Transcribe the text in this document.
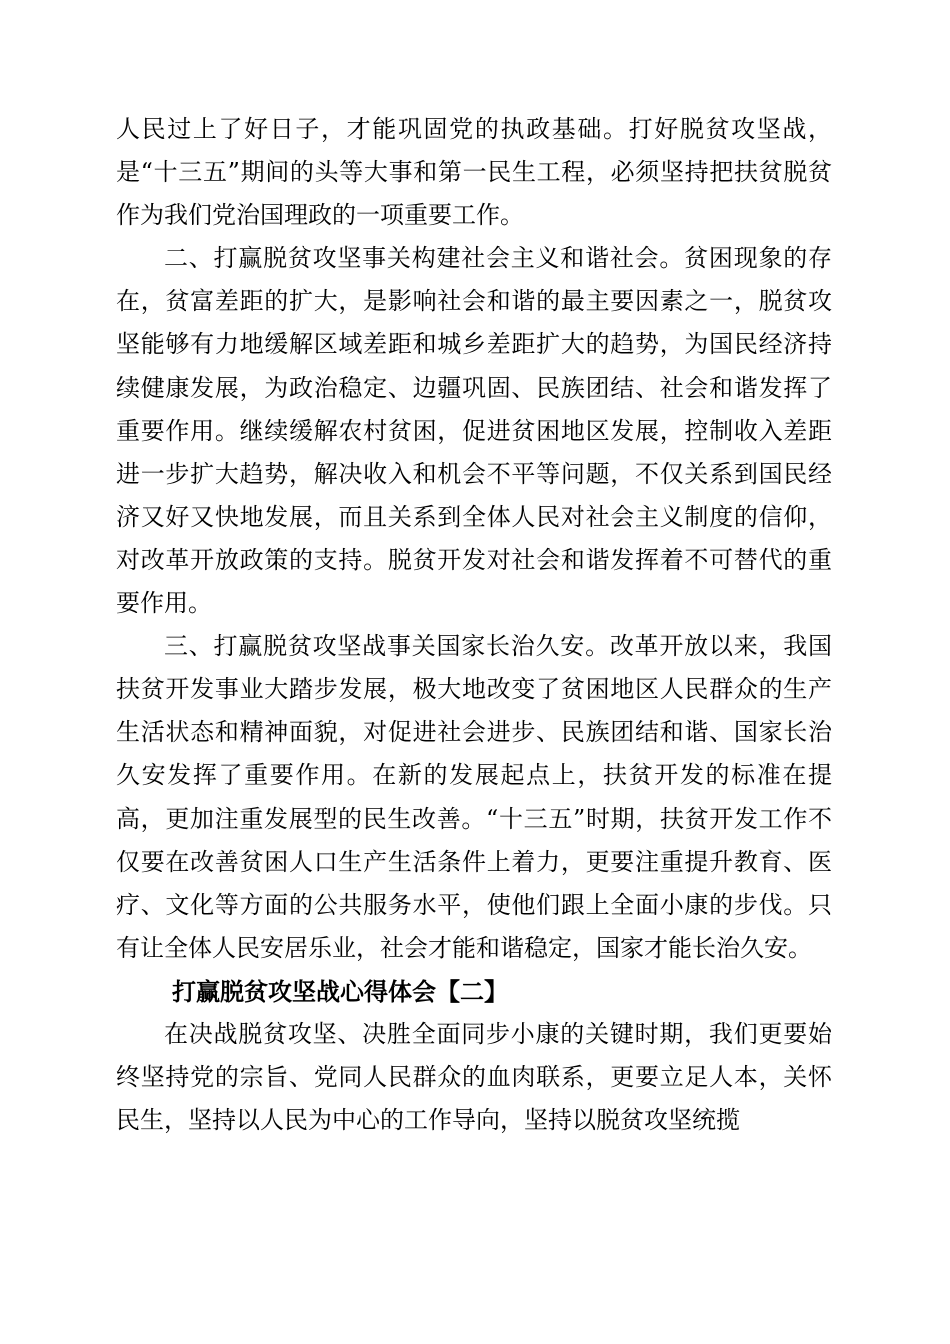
人民过上了好日子，才能巩固党的执政基础。打好脱贫攻坚战，是“十三五”期间的头等大事和第一民生工程，必须坚持把扶贫脱贫作为我们党治国理政的一项重要工作。

二、打赢脱贫攻坚事关构建社会主义和谐社会。贫困现象的存在，贫富差距的扩大，是影响社会和谐的最主要因素之一，脱贫攻坚能够有力地缓解区域差距和城乡差距扩大的趋势，为国民经济持续健康发展，为政治稳定、边疆巩固、民族团结、社会和谐发挥了重要作用。继续缓解农村贫困，促进贫困地区发展，控制收入差距进一步扩大趋势，解决收入和机会不平等问题，不仅关系到国民经济又好又快地发展，而且关系到全体人民对社会主义制度的信仰，对改革开放政策的支持。脱贫开发对社会和谐发挥着不可替代的重要作用。

三、打赢脱贫攻坚战事关国家长治久安。改革开放以来，我国扶贫开发事业大踏步发展，极大地改变了贫困地区人民群众的生产生活状态和精神面貌，对促进社会进步、民族团结和谐、国家长治久安发挥了重要作用。在新的发展起点上，扶贫开发的标准在提高，更加注重发展型的民生改善。“十三五”时期，扶贫开发工作不仅要在改善贫困人口生产生活条件上着力，更要注重提升教育、医疗、文化等方面的公共服务水平，使他们跟上全面小康的步伐。只有让全体人民安居乐业，社会才能和谐稳定，国家才能长治久安。

打赢脱贫攻坚战心得体会【二】

在决战脱贫攻坚、决胜全面同步小康的关键时期，我们更要始终坚持党的宗旨、党同人民群众的血肉联系，更要立足人本，关怀民生，坚持以人民为中心的工作导向，坚持以脱贫攻坚统揽
